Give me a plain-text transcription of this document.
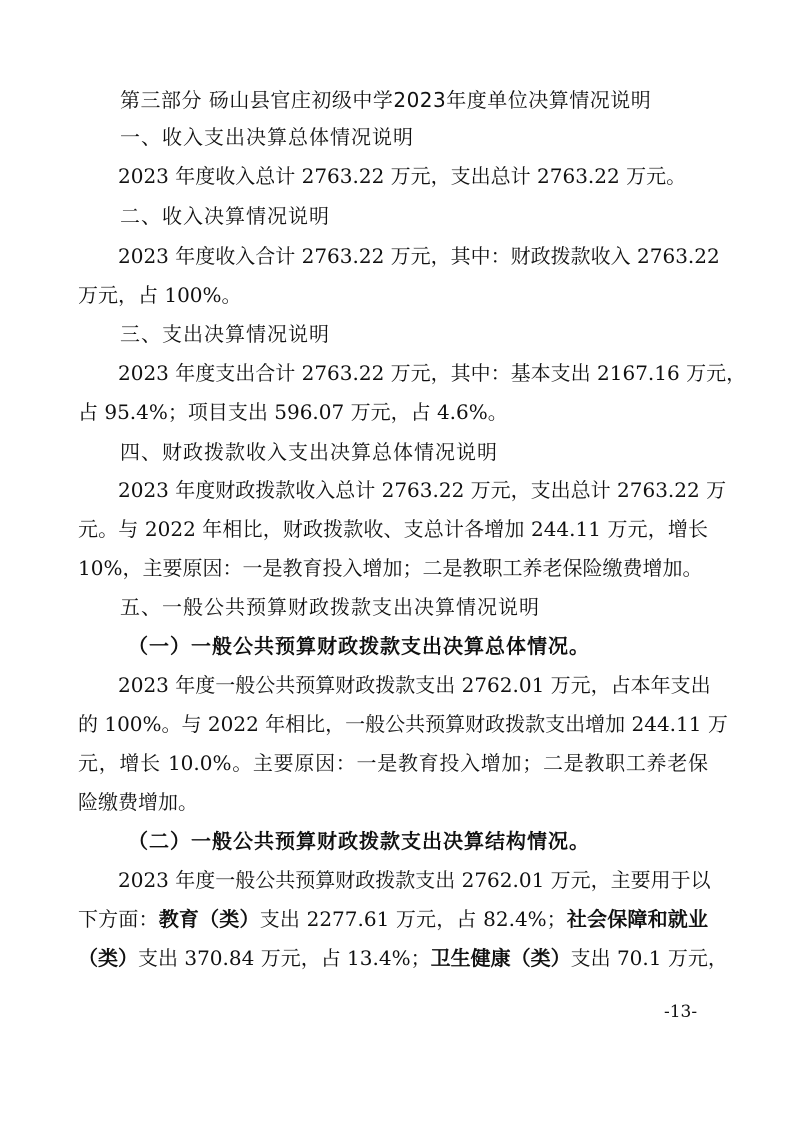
第三部分 砀山县官庄初级中学2023年度单位决算情况说明
一、收入支出决算总体情况说明
2023 年度收入总计 2763.22 万元，支出总计 2763.22 万元。
二、收入决算情况说明
2023 年度收入合计 2763.22 万元，其中：财政拨款收入 2763.22
万元，占 100%。
三、支出决算情况说明
2023 年度支出合计 2763.22 万元，其中：基本支出 2167.16 万元，
占 95.4%；项目支出 596.07 万元，占 4.6%。
四、财政拨款收入支出决算总体情况说明
2023 年度财政拨款收入总计 2763.22 万元，支出总计 2763.22 万
元。与 2022 年相比，财政拨款收、支总计各增加 244.11 万元，增长
10%，主要原因：一是教育投入增加；二是教职工养老保险缴费增加。
五、一般公共预算财政拨款支出决算情况说明
（一）一般公共预算财政拨款支出决算总体情况。
2023 年度一般公共预算财政拨款支出 2762.01 万元，占本年支出
的 100%。与 2022 年相比，一般公共预算财政拨款支出增加 244.11 万
元，增长 10.0%。主要原因：一是教育投入增加；二是教职工养老保
险缴费增加。
（二）一般公共预算财政拨款支出决算结构情况。
2023 年度一般公共预算财政拨款支出 2762.01 万元，主要用于以
下方面：教育（类）支出 2277.61 万元，占 82.4%；社会保障和就业
（类）支出 370.84 万元，占 13.4%；卫生健康（类）支出 70.1 万元，
-13-
